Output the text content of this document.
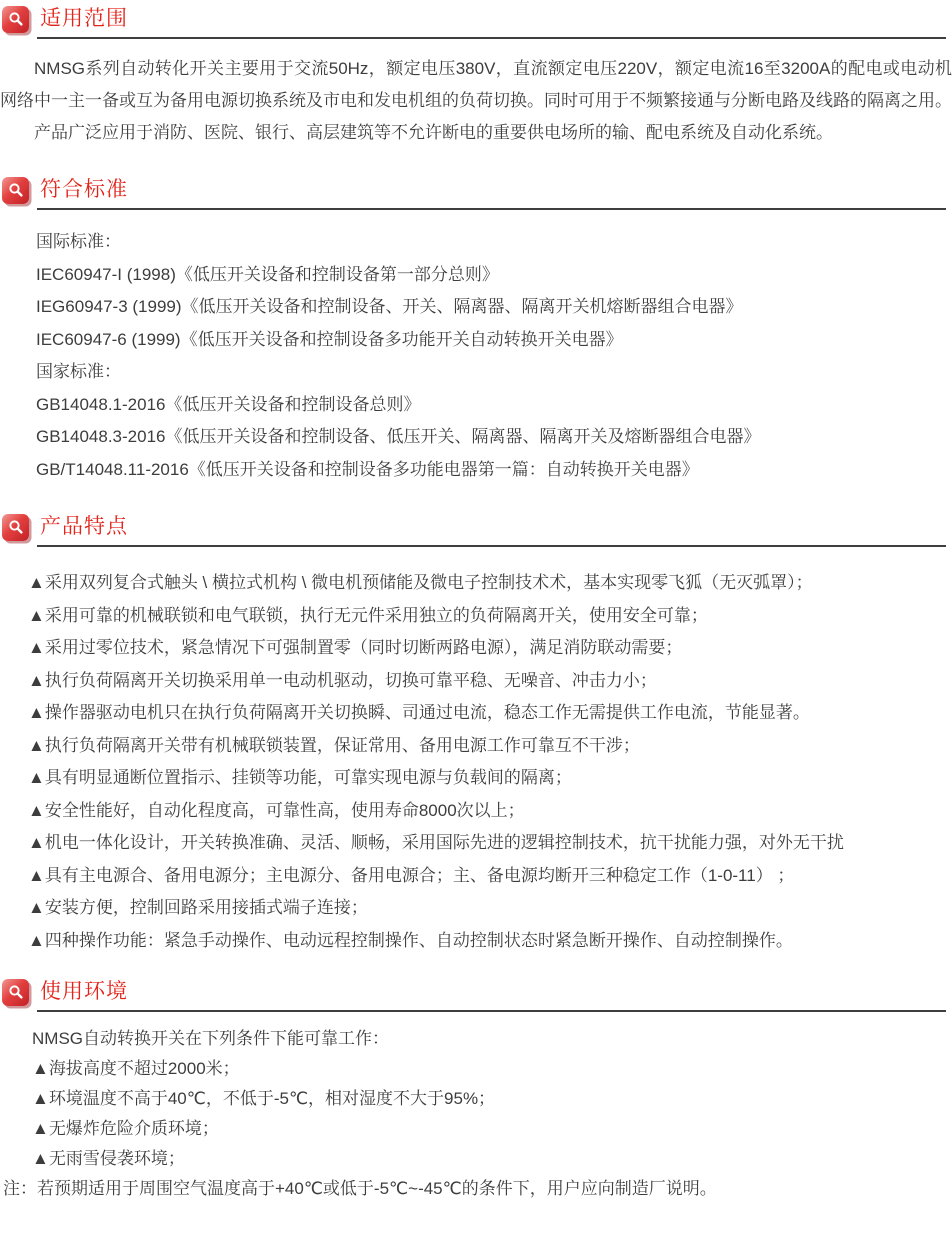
适用范围

NMSG系列自动转化开关主要用于交流50Hz，额定电压380V，直流额定电压220V，额定电流16至3200A的配电或电动机网络中一主一备或互为备用电源切换系统及市电和发电机组的负荷切换。同时可用于不频繁接通与分断电路及线路的隔离之用。

产品广泛应用于消防、医院、银行、高层建筑等不允许断电的重要供电场所的输、配电系统及自动化系统。

符合标准
国际标准：
IEC60947-I (1998)《低压开关设备和控制设备第一部分总则》
IEG60947-3 (1999)《低压开关设备和控制设备、开关、隔离器、隔离开关机熔断器组合电器》
IEC60947-6 (1999)《低压开关设备和控制设备多功能开关自动转换开关电器》
国家标准：
GB14048.1-2016《低压开关设备和控制设备总则》
GB14048.3-2016《低压开关设备和控制设备、低压开关、隔离器、隔离开关及熔断器组合电器》
GB/T14048.11-2016《低压开关设备和控制设备多功能电器第一篇：自动转换开关电器》
产品特点
▲采用双列复合式触头 \ 横拉式机构 \ 微电机预储能及微电子控制技术术，基本实现零飞狐（无灭弧罩）；
▲采用可靠的机械联锁和电气联锁，执行无元件采用独立的负荷隔离开关，使用安全可靠；
▲采用过零位技术，紧急情况下可强制置零（同时切断两路电源），满足消防联动需要；
▲执行负荷隔离开关切换采用单一电动机驱动，切换可靠平稳、无噪音、冲击力小；
▲操作器驱动电机只在执行负荷隔离开关切换瞬、司通过电流，稳态工作无需提供工作电流，节能显著。
▲执行负荷隔离开关带有机械联锁装置，保证常用、备用电源工作可靠互不干涉；
▲具有明显通断位置指示、挂锁等功能，可靠实现电源与负载间的隔离；
▲安全性能好，自动化程度高，可靠性高，使用寿命8000次以上；
▲机电一体化设计，开关转换准确、灵活、顺畅，采用国际先进的逻辑控制技术，抗干扰能力强，对外无干扰
▲具有主电源合、备用电源分；主电源分、备用电源合；主、备电源均断开三种稳定工作（1-0-11） ；
▲安装方便，控制回路采用接插式端子连接；
▲四种操作功能：紧急手动操作、电动远程控制操作、自动控制状态时紧急断开操作、自动控制操作。
使用环境
NMSG自动转换开关在下列条件下能可靠工作：
▲海拔高度不超过2000米；
▲环境温度不高于40℃，不低于-5℃，相对湿度不大于95%；
▲无爆炸危险介质环境；
▲无雨雪侵袭环境；
注：若预期适用于周围空气温度高于+40℃或低于-5℃~-45℃的条件下，用户应向制造厂说明。
